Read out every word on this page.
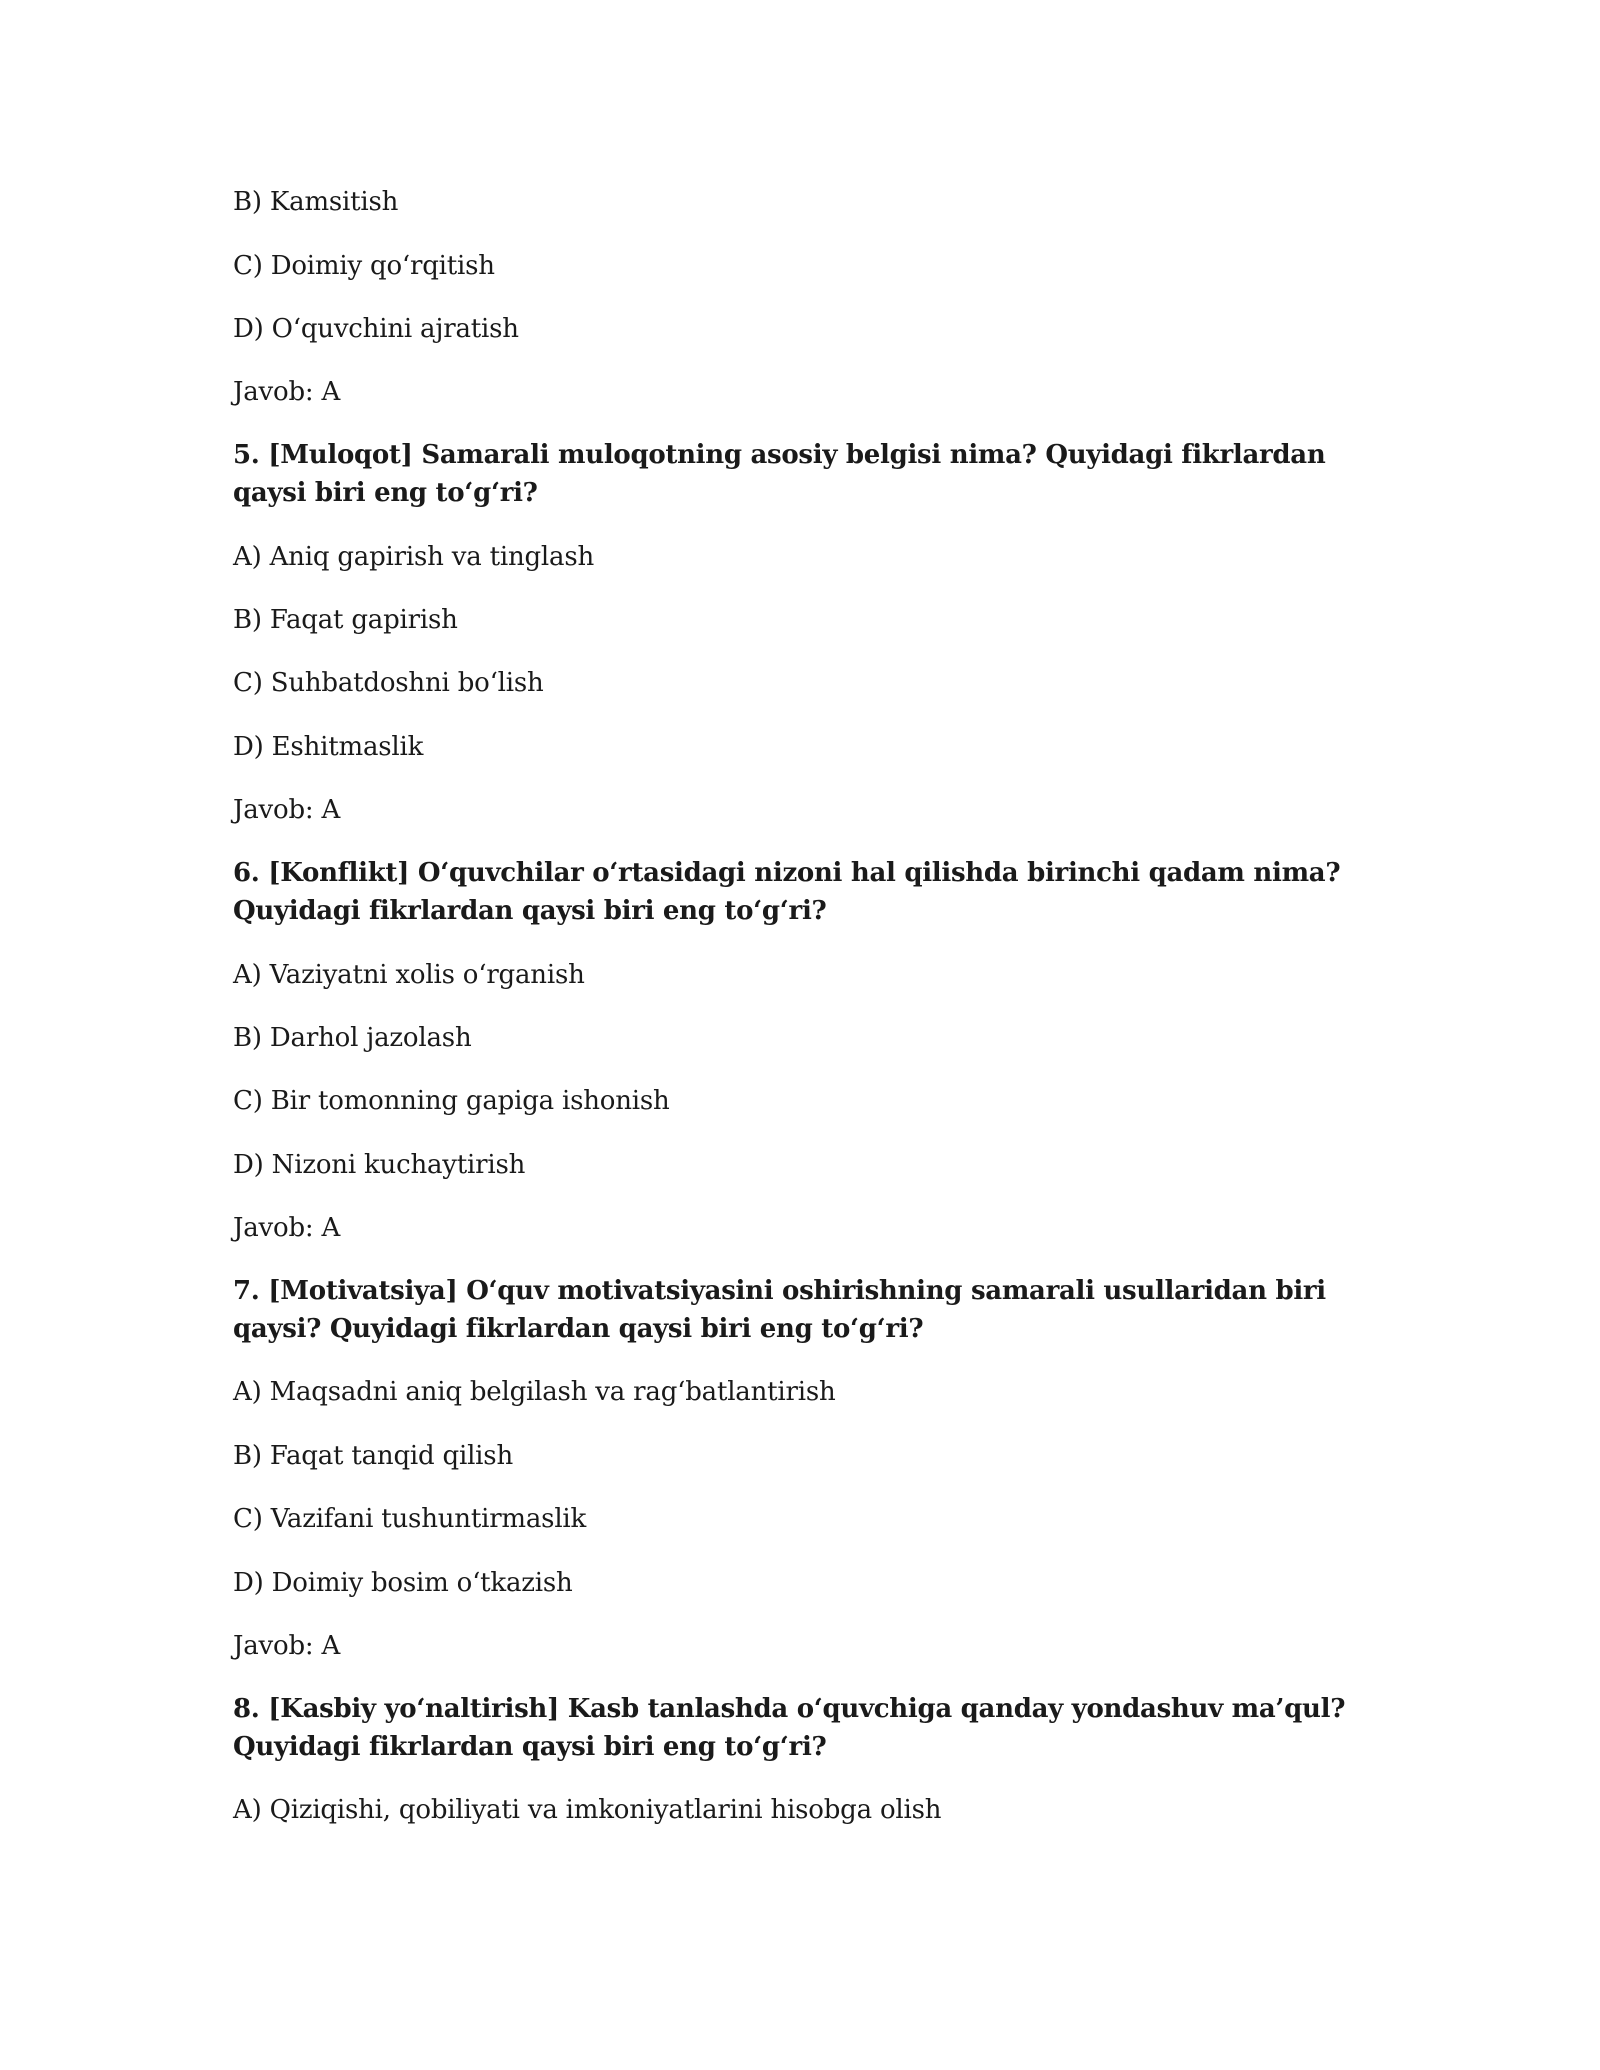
B) Kamsitish
C) Doimiy qo‘rqitish
D) O‘quvchini ajratish
Javob: A
5. [Muloqot] Samarali muloqotning asosiy belgisi nima? Quyidagi fikrlardan qaysi biri eng to‘g‘ri?
A) Aniq gapirish va tinglash
B) Faqat gapirish
C) Suhbatdoshni bo‘lish
D) Eshitmaslik
Javob: A
6. [Konflikt] O‘quvchilar o‘rtasidagi nizoni hal qilishda birinchi qadam nima? Quyidagi fikrlardan qaysi biri eng to‘g‘ri?
A) Vaziyatni xolis o‘rganish
B) Darhol jazolash
C) Bir tomonning gapiga ishonish
D) Nizoni kuchaytirish
Javob: A
7. [Motivatsiya] O‘quv motivatsiyasini oshirishning samarali usullaridan biri qaysi? Quyidagi fikrlardan qaysi biri eng to‘g‘ri?
A) Maqsadni aniq belgilash va rag‘batlantirish
B) Faqat tanqid qilish
C) Vazifani tushuntirmaslik
D) Doimiy bosim o‘tkazish
Javob: A
8. [Kasbiy yo‘naltirish] Kasb tanlashda o‘quvchiga qanday yondashuv ma’qul? Quyidagi fikrlardan qaysi biri eng to‘g‘ri?
A) Qiziqishi, qobiliyati va imkoniyatlarini hisobga olish
